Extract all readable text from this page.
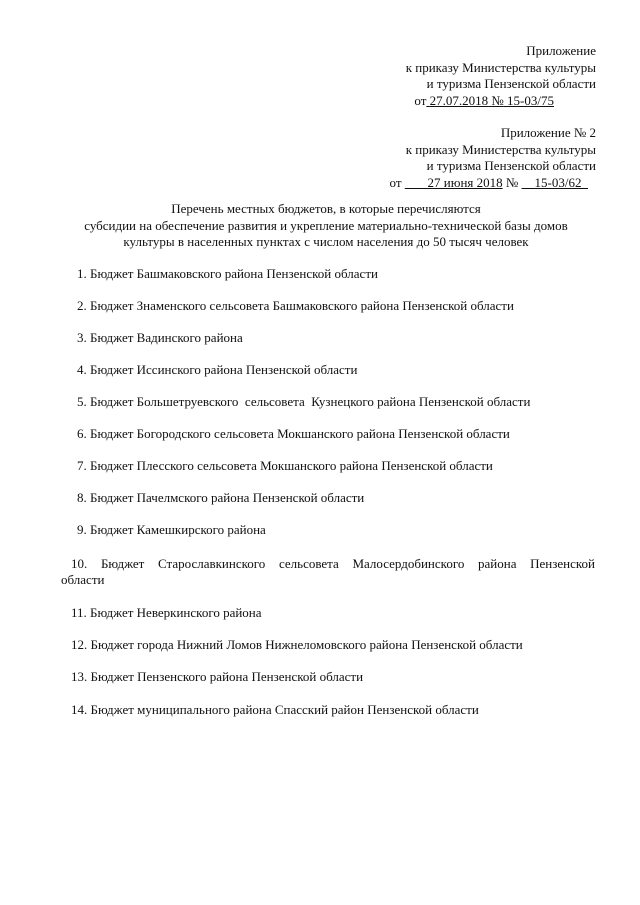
Приложение
к приказу Министерства культуры
и туризма Пензенской области
от 27.07.2018 № 15-03/75
Приложение № 2
к приказу Министерства культуры
и туризма Пензенской области
от 27 июня 2018 № 15-03/62
Перечень местных бюджетов, в которые перечисляются
субсидии на обеспечение развития и укрепление материально-технической базы домов
культуры в населенных пунктах с числом населения до 50 тысяч человек
1. Бюджет Башмаковского района Пензенской области
2. Бюджет Знаменского сельсовета Башмаковского района Пензенской области
3. Бюджет Вадинского района
4. Бюджет Иссинского района Пензенской области
5. Бюджет Большетруевского  сельсовета  Кузнецкого района Пензенской области
6. Бюджет Богородского сельсовета Мокшанского района Пензенской области
7. Бюджет Плесского сельсовета Мокшанского района Пензенской области
8. Бюджет Пачелмского района Пензенской области
9. Бюджет Камешкирского района
10. Бюджет Старославкинского сельсовета Малосердобинского района Пензенской
области
11. Бюджет Неверкинского района
12. Бюджет города Нижний Ломов Нижнеломовского района Пензенской области
13. Бюджет Пензенского района Пензенской области
14. Бюджет муниципального района Спасский район Пензенской области
